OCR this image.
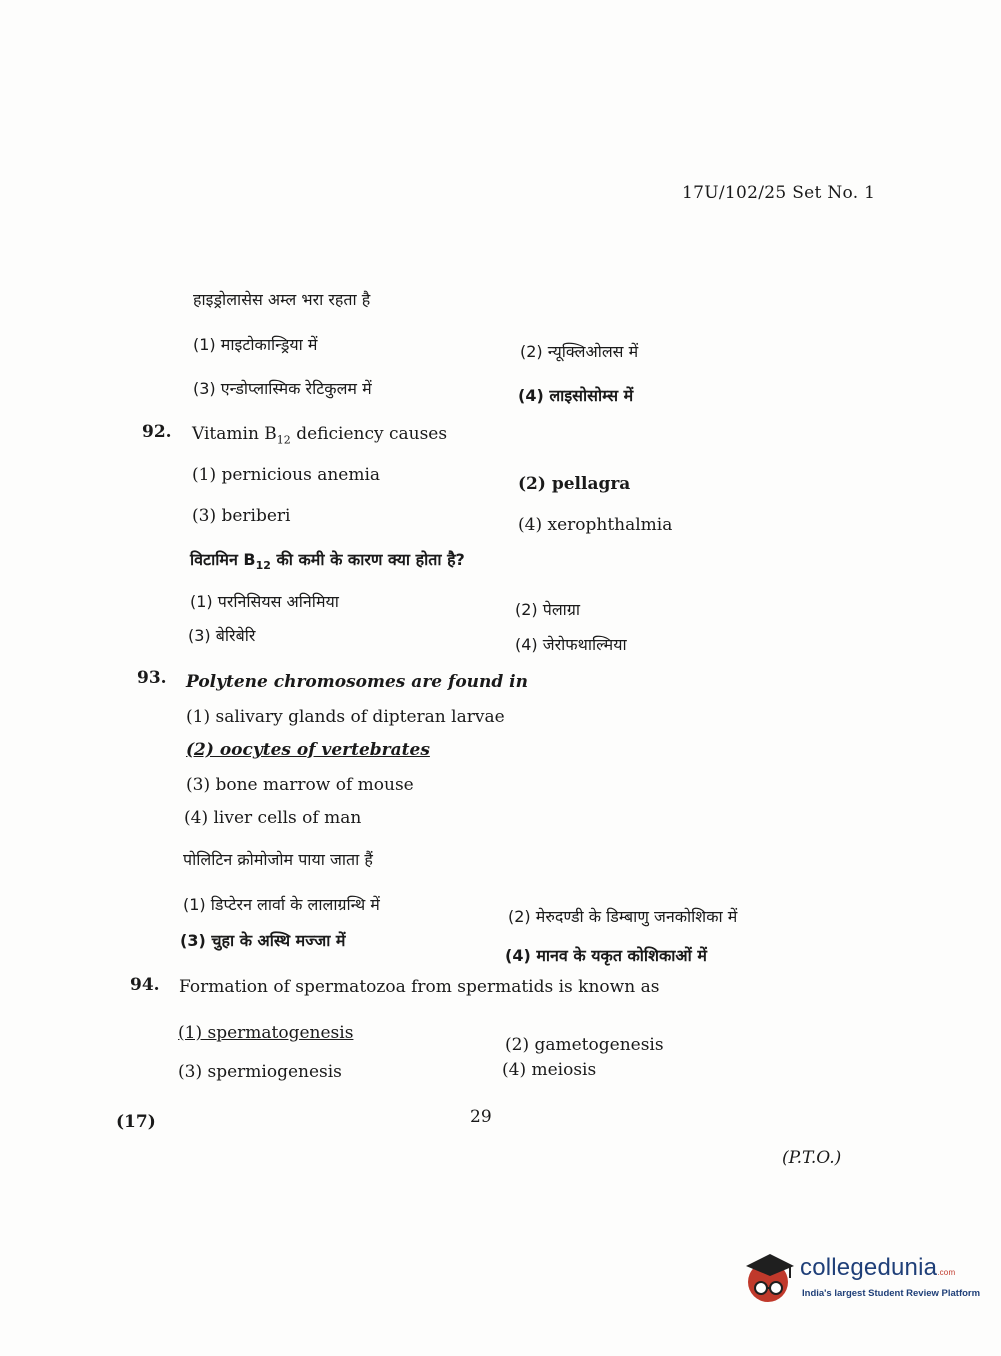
17U/102/25 Set No. 1
हाइड्रोलासेस अम्ल भरा रहता है
(1) माइटोकान्ड्रिया में	(2) न्यूक्लिओलस में
(3) एन्डोप्लास्मिक रेटिकुलम में	(4) लाइसोसोम्स में
92. Vitamin $B_{12}$ deficiency causes
(1) pernicious anemia	(2) pellagra
(3) beriberi	(4) xerophthalmia
विटामिन $B_{12}$ की कमी के कारण क्या होता है?
(1) परनिसियस अनिमिया	(2) पेलाग्रा
(3) बेरिबेरि	(4) जेरोफथाल्मिया
93. Polytene chromosomes are found in
(1) salivary glands of dipteran larvae
(2) oocytes of vertebrates
(3) bone marrow of mouse
(4) liver cells of man
पोलिटिन क्रोमोजोम पाया जाता हैं
(1) डिप्टेरन लार्वा के लालाग्रन्थि में
(2) मेरुदण्डी के डिम्बाणु जनकोशिका में
(3) चुहा के अस्थि मज्जा में
(4) मानव के यकृत कोशिकाओं में
94. Formation of spermatozoa from spermatids is known as
(1) spermatogenesis
(2) gametogenesis
(3) spermiogenesis	(4) meiosis
(17)	29
(P.T.O.)
collegedunia.com
India's largest Student Review Platform
